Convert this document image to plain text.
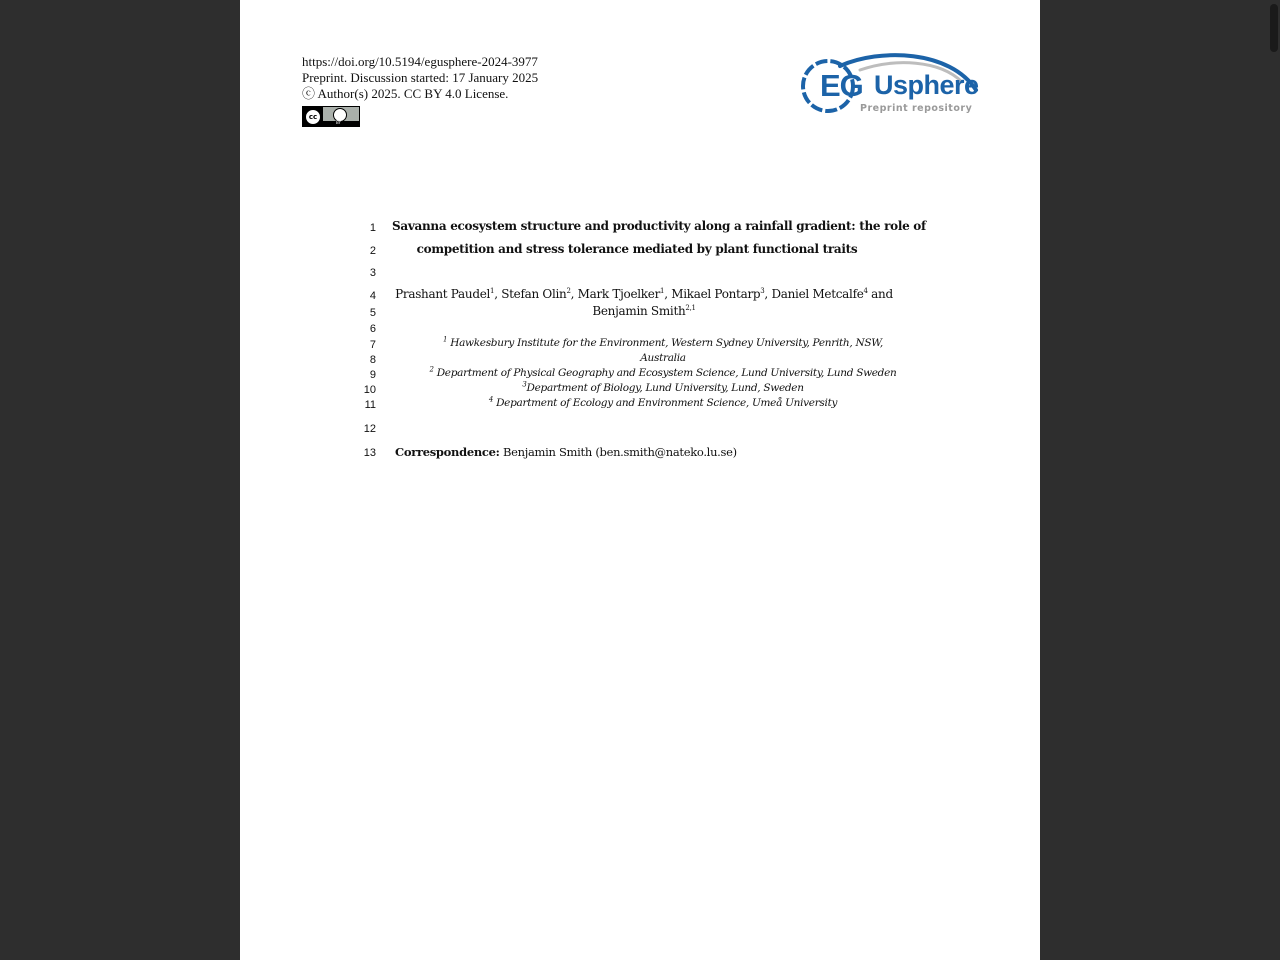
https://doi.org/10.5194/egusphere-2024-3977
Preprint. Discussion started: 17 January 2025
ⓒ Author(s) 2025. CC BY 4.0 License.
cc
BY
EG Usphere
Preprint repository
1
2
3
4
5
6
7
8
9
10
11
12
13
Savanna ecosystem structure and productivity along a rainfall gradient: the role of
competition and stress tolerance mediated by plant functional traits
Prashant Paudel$^1$, Stefan Olin$^2$, Mark Tjoelker$^1$, Mikael Pontarp$^3$, Daniel Metcalfe$^4$ and
Benjamin Smith$^{2,1}$
$^1$ Hawkesbury Institute for the Environment, Western Sydney University, Penrith, NSW,
Australia
$^2$ Department of Physical Geography and Ecosystem Science, Lund University, Lund Sweden
$^3$Department of Biology, Lund University, Lund, Sweden
$^4$ Department of Ecology and Environment Science, Umeå University
Correspondence: Benjamin Smith (ben.smith@nateko.lu.se)
